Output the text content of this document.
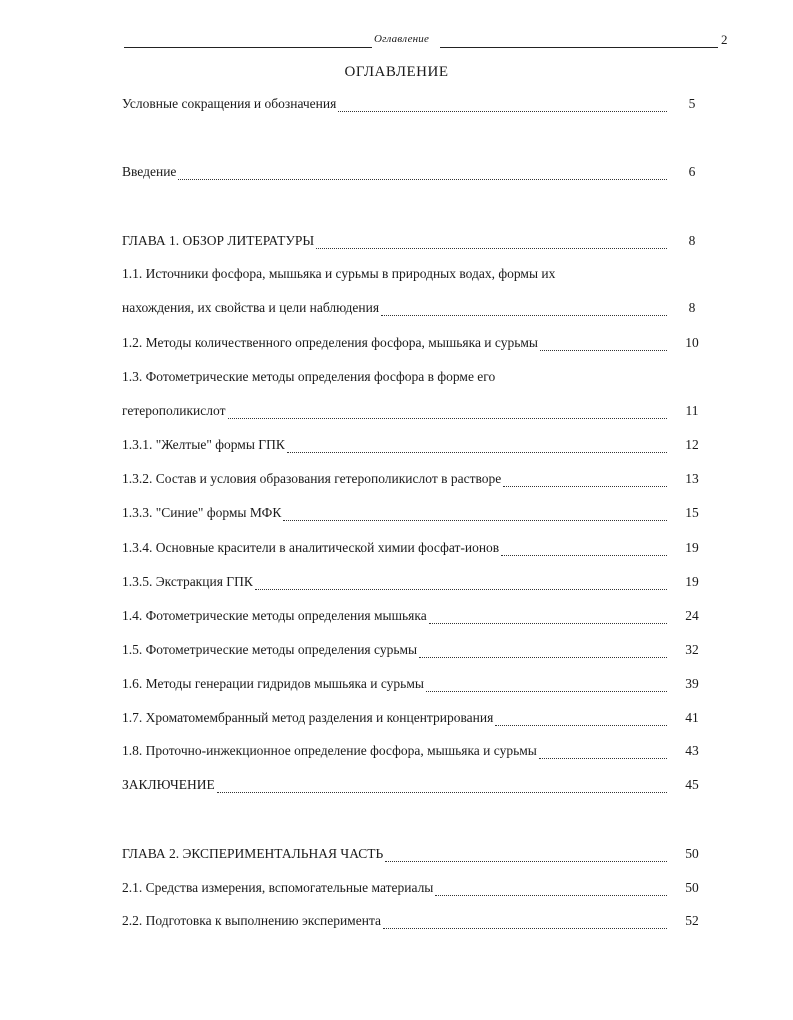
Оглавление	2
ОГЛАВЛЕНИЕ
Условные сокращения и обозначения	5
Введение	6
ГЛАВА 1. ОБЗОР ЛИТЕРАТУРЫ	8
1.1. Источники фосфора, мышьяка и сурьмы в природных водах, формы их
нахождения, их свойства и цели наблюдения	8
1.2. Методы количественного определения фосфора, мышьяка и сурьмы	10
1.3. Фотометрические методы определения фосфора в форме его
гетерополикислот	11
1.3.1. "Желтые" формы ГПК	12
1.3.2. Состав и условия образования гетерополикислот в растворе	13
1.3.3. "Синие" формы МФК	15
1.3.4. Основные красители в аналитической химии фосфат-ионов	19
1.3.5. Экстракция ГПК	19
1.4. Фотометрические методы определения мышьяка	24
1.5. Фотометрические методы определения сурьмы	32
1.6. Методы генерации гидридов мышьяка и сурьмы	39
1.7. Хроматомембранный метод разделения и концентрирования	41
1.8. Проточно-инжекционное определение фосфора, мышьяка и сурьмы	43
ЗАКЛЮЧЕНИЕ	45
ГЛАВА 2. ЭКСПЕРИМЕНТАЛЬНАЯ ЧАСТЬ	50
2.1. Средства измерения, вспомогательные материалы	50
2.2. Подготовка к выполнению эксперимента	52
